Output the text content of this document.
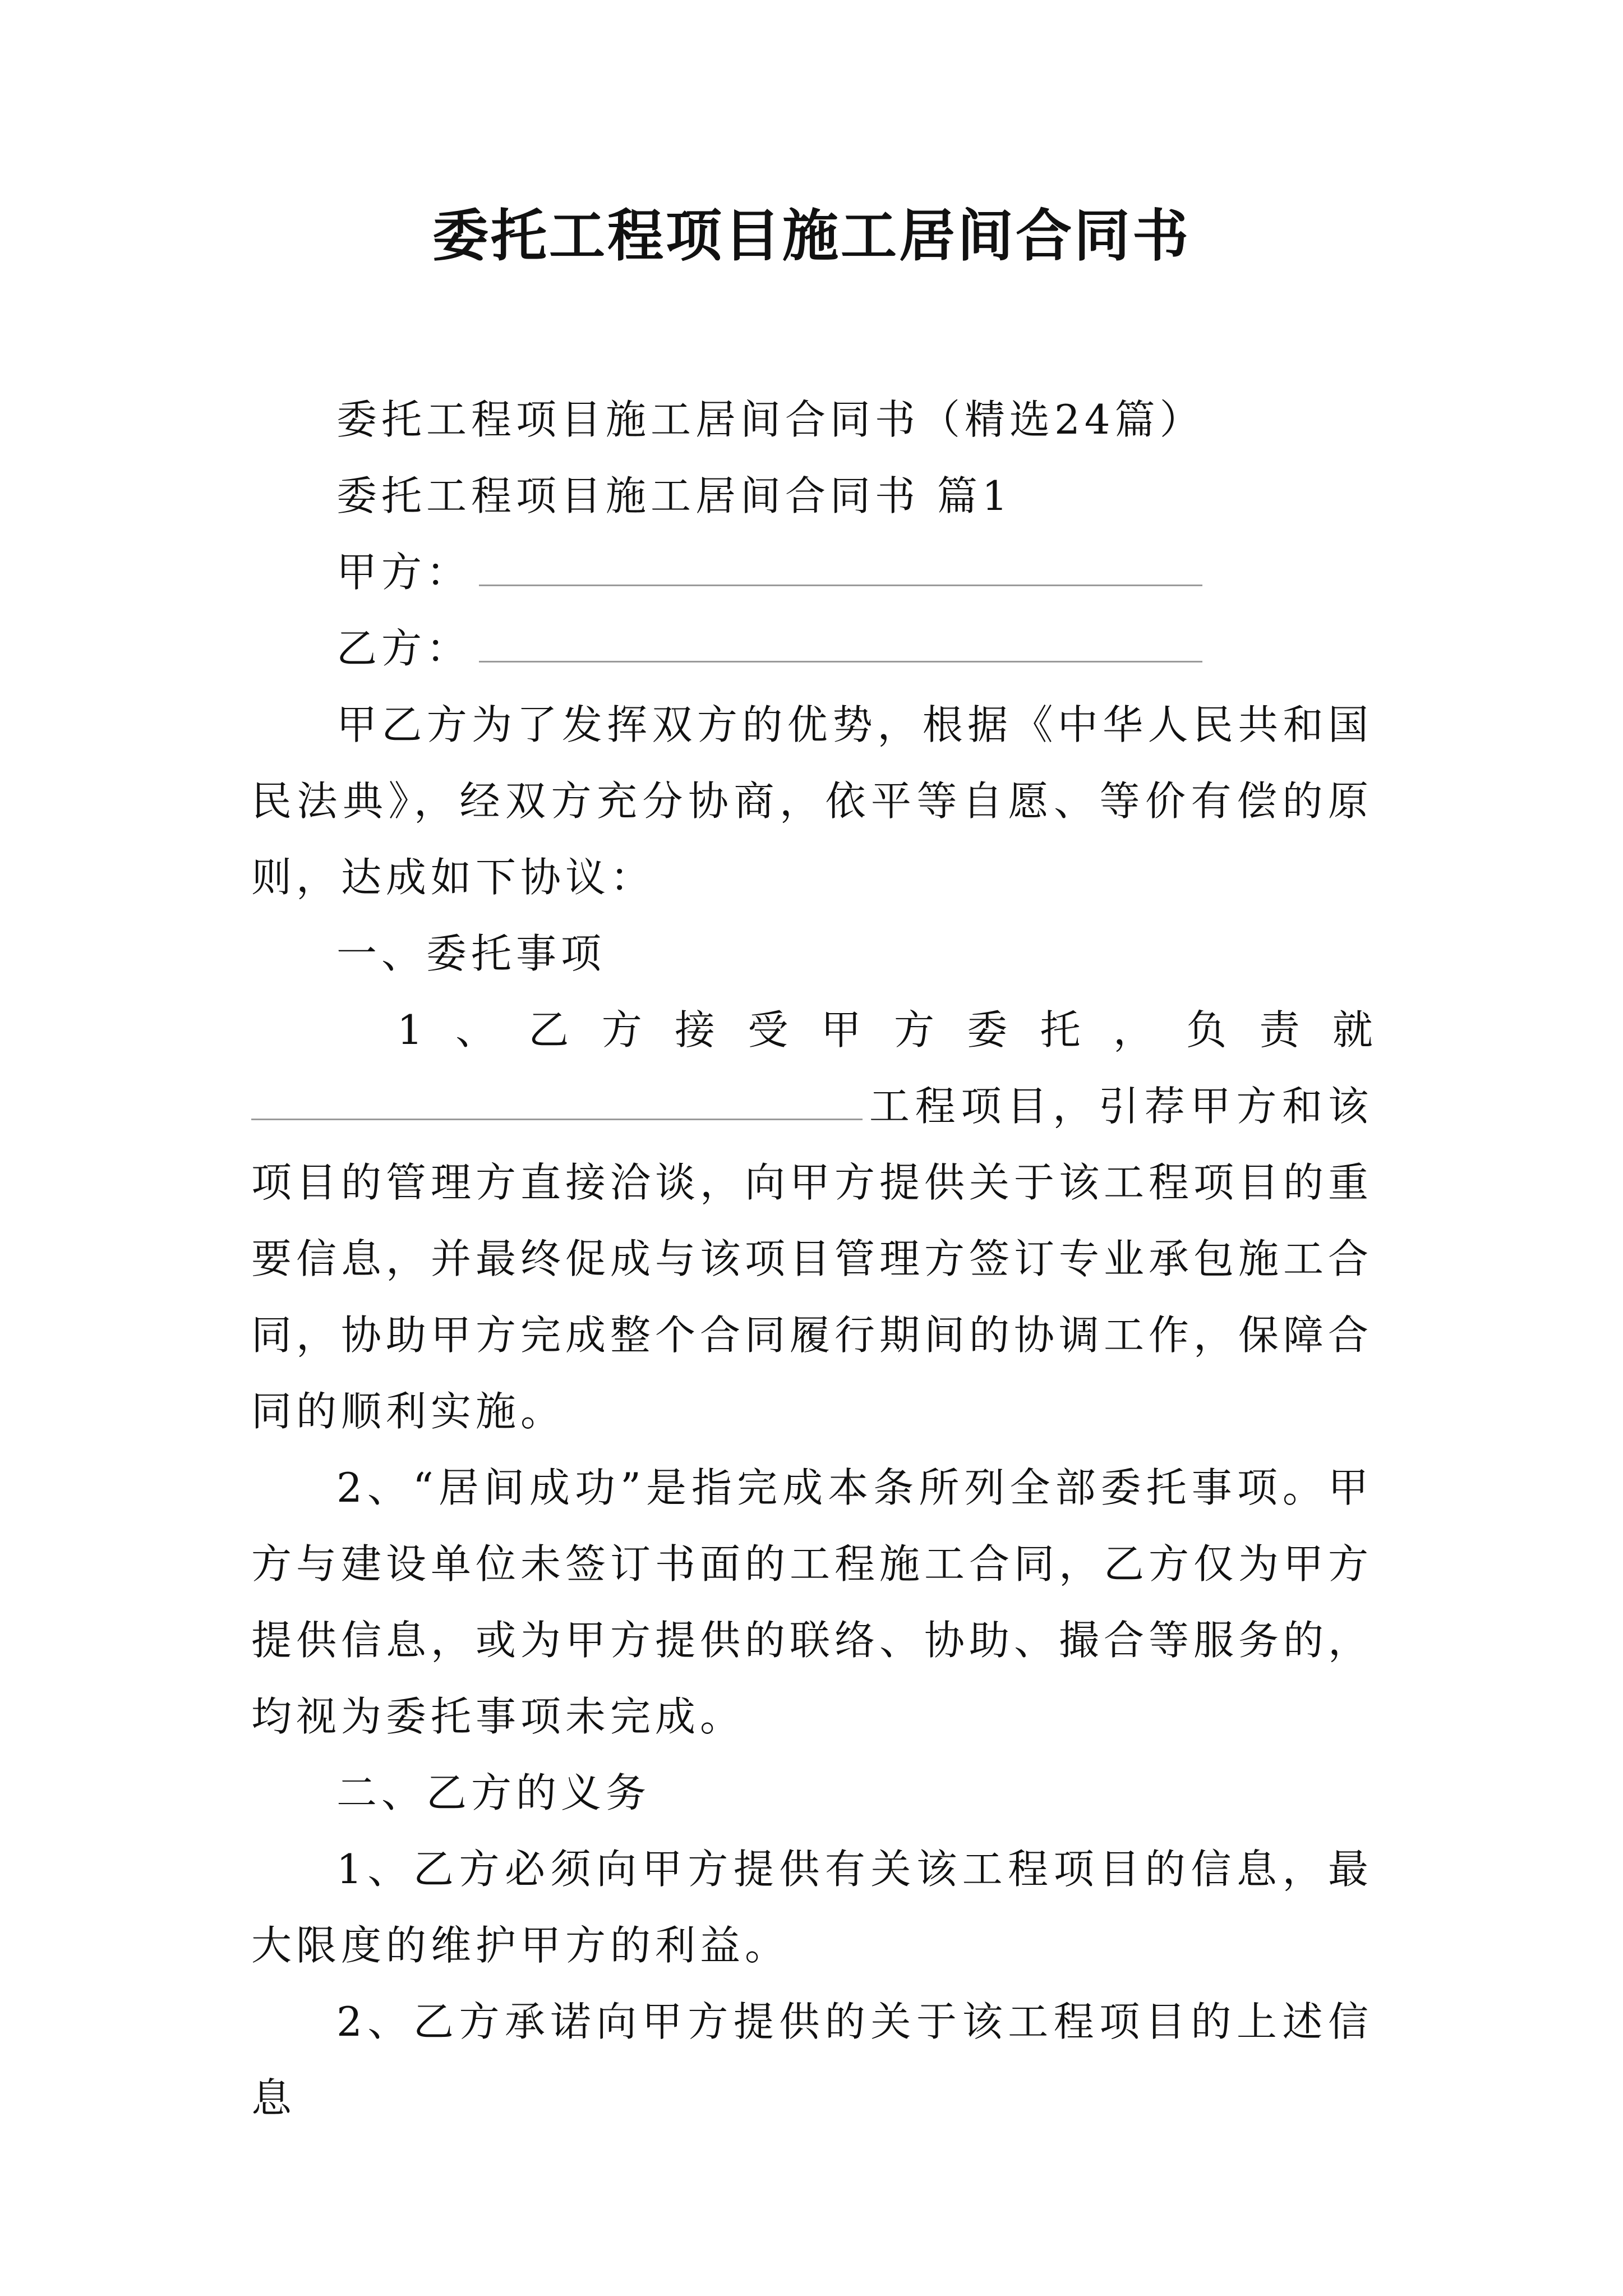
委托工程项目施工居间合同书

委托工程项目施工居间合同书（精选24篇）

委托工程项目施工居间合同书 篇1

甲方：

乙方：

甲乙方为了发挥双方的优势，根据《中华人民共和国民法典》，经双方充分协商，依平等自愿、等价有偿的原则，达成如下协议：

一、委托事项

1 、 乙 方 接 受 甲 方 委 托 ， 负 责 就

工程项目，引荐甲方和该项目的管理方直接洽谈，向甲方提供关于该工程项目的重要信息，并最终促成与该项目管理方签订专业承包施工合同，协助甲方完成整个合同履行期间的协调工作，保障合同的顺利实施。

2、“居间成功”是指完成本条所列全部委托事项。甲方与建设单位未签订书面的工程施工合同，乙方仅为甲方提供信息，或为甲方提供的联络、协助、撮合等服务的，均视为委托事项未完成。

二、乙方的义务

1、乙方必须向甲方提供有关该工程项目的信息，最大限度的维护甲方的利益。

2、乙方承诺向甲方提供的关于该工程项目的上述信息
